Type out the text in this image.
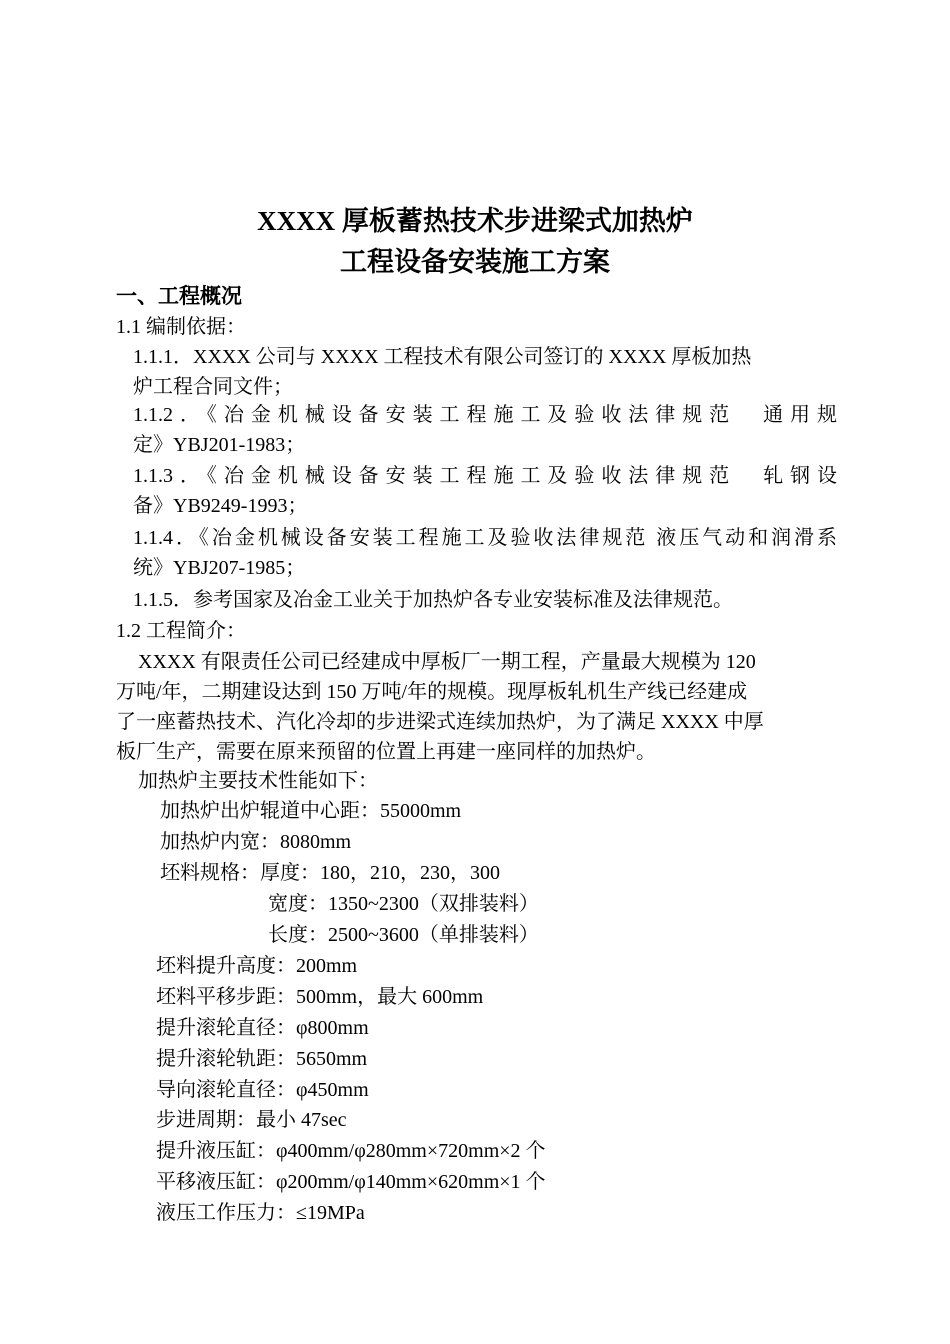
XXXX 厚板蓄热技术步进梁式加热炉
工程设备安装施工方案
一、工程概况
1.1 编制依据：
1.1.1．XXXX 公司与 XXXX 工程技术有限公司签订的 XXXX 厚板加热
炉工程合同文件；
1.1.2．《冶金机械设备安装工程施工及验收法律规范　通用规
定》YBJ201-1983；
1.1.3．《冶金机械设备安装工程施工及验收法律规范　轧钢设
备》YB9249-1993；
1.1.4．《冶金机械设备安装工程施工及验收法律规范 液压气动和润滑系
统》YBJ207-1985；
1.1.5．参考国家及冶金工业关于加热炉各专业安装标准及法律规范。
1.2 工程简介：
XXXX 有限责任公司已经建成中厚板厂一期工程，产量最大规模为 120
万吨/年，二期建设达到 150 万吨/年的规模。现厚板轧机生产线已经建成
了一座蓄热技术、汽化冷却的步进梁式连续加热炉，为了满足 XXXX 中厚
板厂生产，需要在原来预留的位置上再建一座同样的加热炉。
加热炉主要技术性能如下：
加热炉出炉辊道中心距：55000mm
加热炉内宽：8080mm
坯料规格：厚度：180，210，230，300
宽度：1350~2300（双排装料）
长度：2500~3600（单排装料）
坯料提升高度：200mm
坯料平移步距：500mm，最大 600mm
提升滚轮直径：φ800mm
提升滚轮轨距：5650mm
导向滚轮直径：φ450mm
步进周期：最小 47sec
提升液压缸：φ400mm/φ280mm×720mm×2 个
平移液压缸：φ200mm/φ140mm×620mm×1 个
液压工作压力：≤19MPa
